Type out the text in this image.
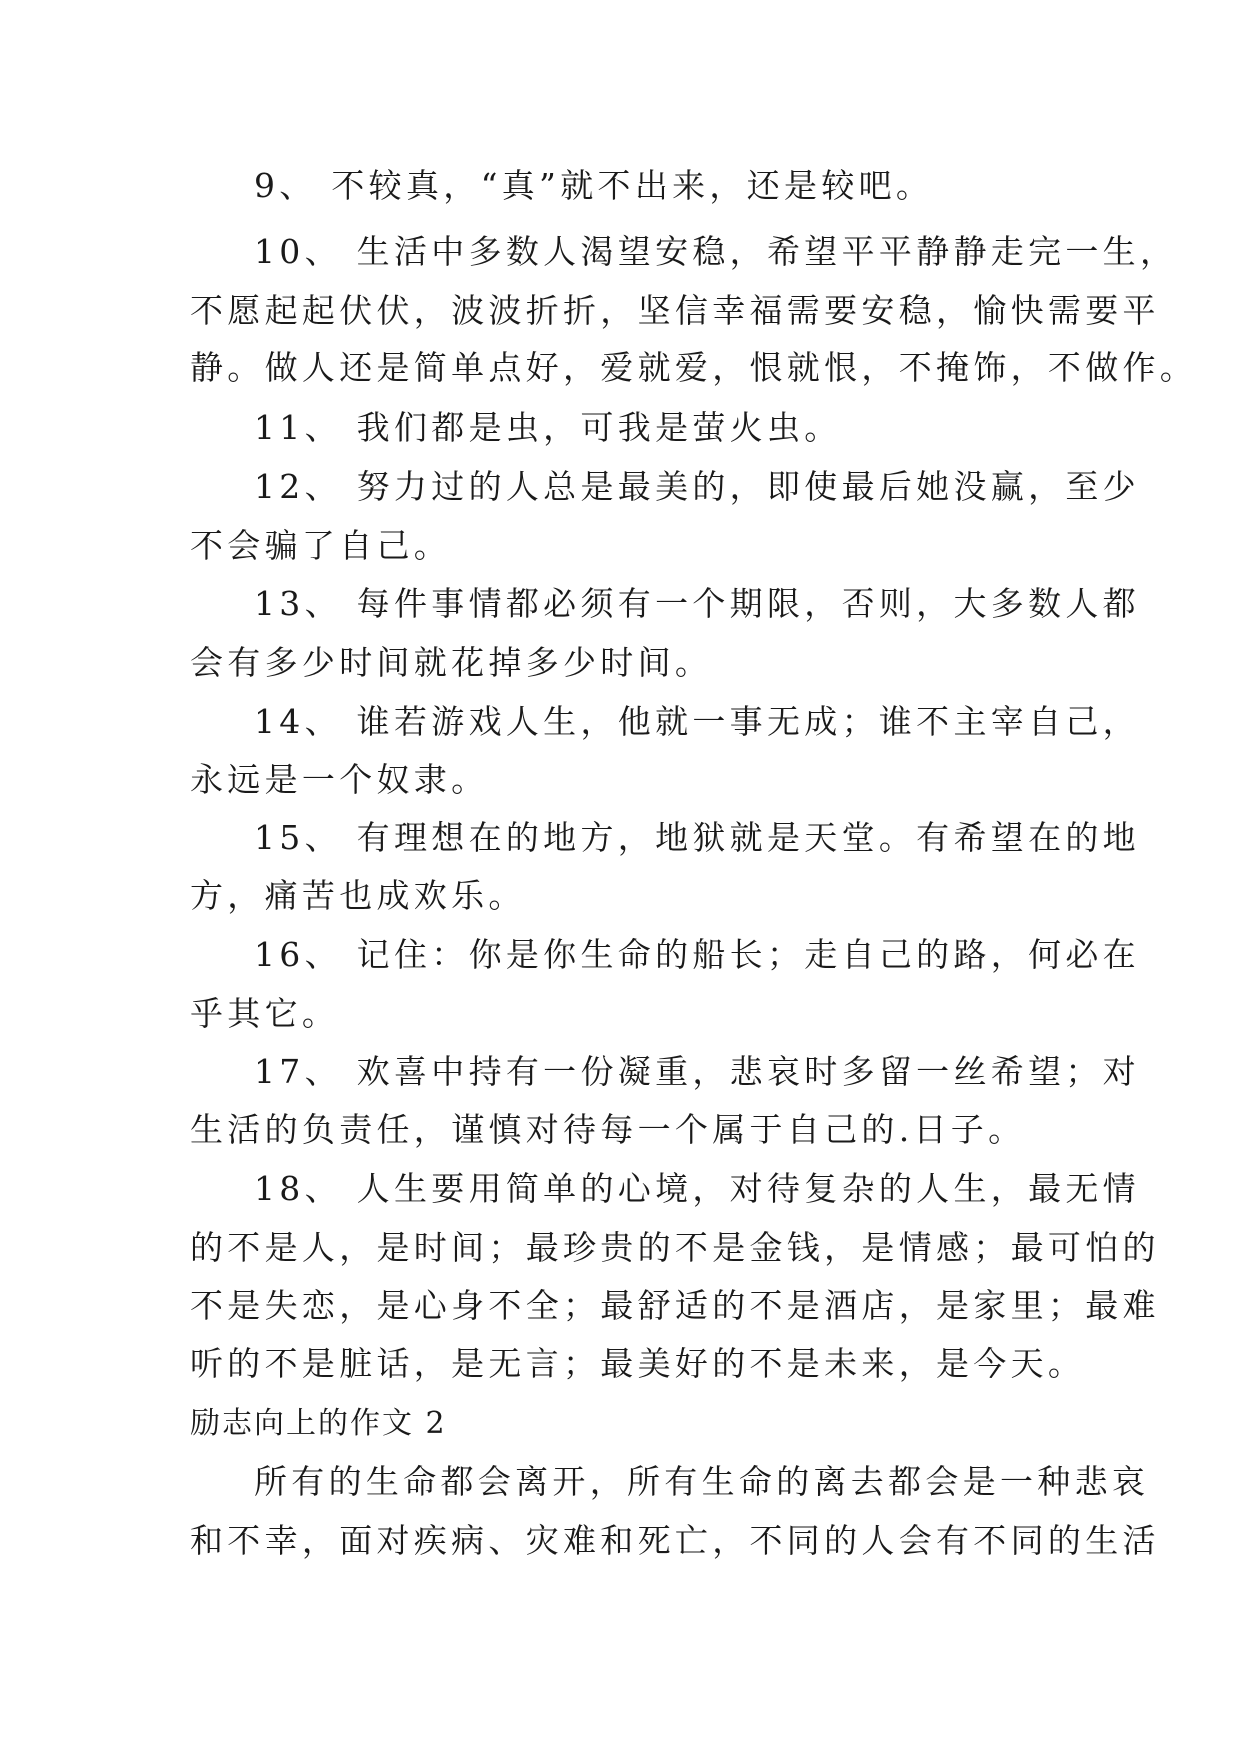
9、 不较真，“真”就不出来，还是较吧。
10、 生活中多数人渴望安稳，希望平平静静走完一生，
不愿起起伏伏，波波折折，坚信幸福需要安稳，愉快需要平
静。做人还是简单点好，爱就爱，恨就恨，不掩饰，不做作。
11、 我们都是虫，可我是萤火虫。
12、 努力过的人总是最美的，即使最后她没赢，至少
不会骗了自己。
13、 每件事情都必须有一个期限，否则，大多数人都
会有多少时间就花掉多少时间。
14、 谁若游戏人生，他就一事无成；谁不主宰自己，
永远是一个奴隶。
15、 有理想在的地方，地狱就是天堂。有希望在的地
方，痛苦也成欢乐。
16、 记住：你是你生命的船长；走自己的路，何必在
乎其它。
17、 欢喜中持有一份凝重，悲哀时多留一丝希望；对
生活的负责任，谨慎对待每一个属于自己的.日子。
18、 人生要用简单的心境，对待复杂的人生，最无情
的不是人，是时间；最珍贵的不是金钱，是情感；最可怕的
不是失恋，是心身不全；最舒适的不是酒店，是家里；最难
听的不是脏话，是无言；最美好的不是未来，是今天。
励志向上的作文 2
所有的生命都会离开，所有生命的离去都会是一种悲哀
和不幸，面对疾病、灾难和死亡，不同的人会有不同的生活
